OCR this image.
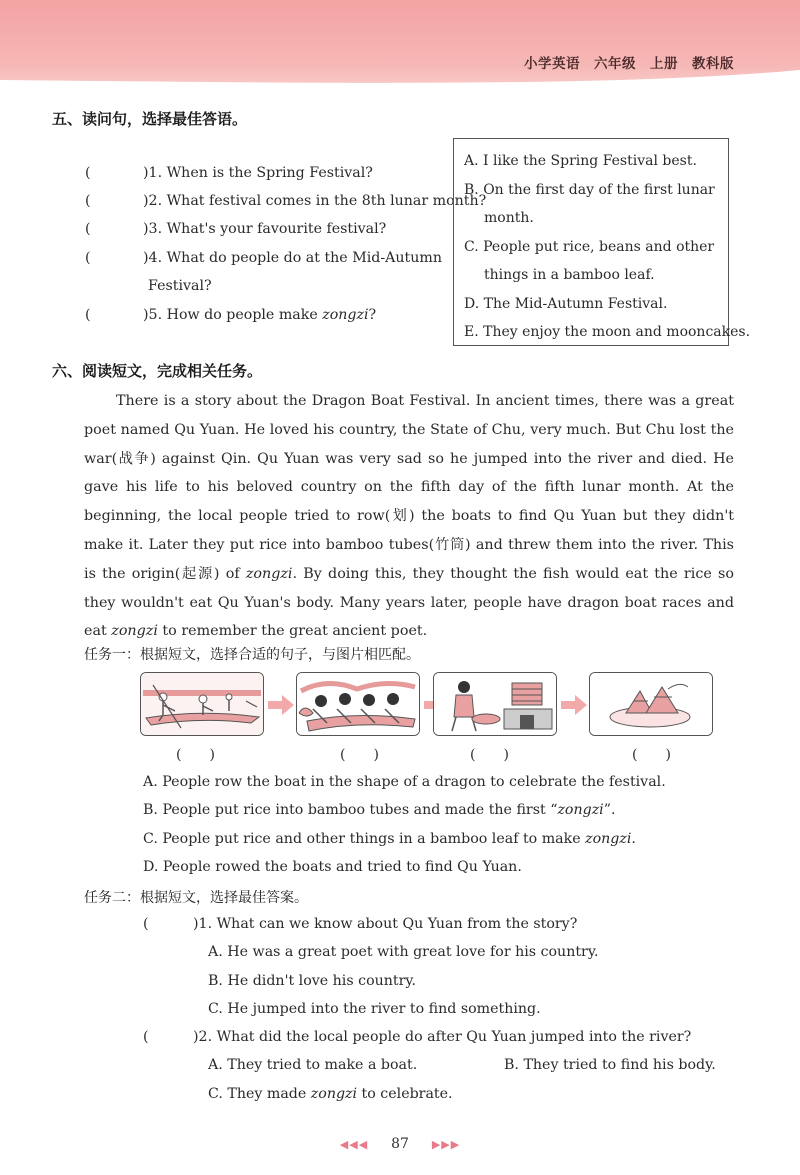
小学英语　六年级　上册　教科版
五、读问句，选择最佳答语。
(	)1. When is the Spring Festival?
(	)2. What festival comes in the 8th lunar month?
(	)3. What's your favourite festival?
(	)4. What do people do at the Mid-Autumn
Festival?
(	)5. How do people make zongzi?
A. I like the Spring Festival best.
B. On the first day of the first lunar
month.
C. People put rice, beans and other
things in a bamboo leaf.
D. The Mid-Autumn Festival.
E. They enjoy the moon and mooncakes.
六、阅读短文，完成相关任务。

There is a story about the Dragon Boat Festival. In ancient times, there was a great poet named Qu Yuan. He loved his country, the State of Chu, very much. But Chu lost the war(战争) against Qin. Qu Yuan was very sad so he jumped into the river and died. He gave his life to his beloved country on the fifth day of the fifth lunar month. At the beginning, the local people tried to row(划) the boats to find Qu Yuan but they didn't make it. Later they put rice into bamboo tubes(竹筒) and threw them into the river. This is the origin(起源) of zongzi. By doing this, they thought the fish would eat the rice so they wouldn't eat Qu Yuan's body. Many years later, people have dragon boat races and eat zongzi to remember the great ancient poet.

任务一：根据短文，选择合适的句子，与图片相匹配。
(　　)	(　　)	(　　)	(　　)
A. People row the boat in the shape of a dragon to celebrate the festival.
B. People put rice into bamboo tubes and made the first “zongzi”.
C. People put rice and other things in a bamboo leaf to make zongzi.
D. People rowed the boats and tried to find Qu Yuan.
任务二：根据短文，选择最佳答案。
(	)1. What can we know about Qu Yuan from the story?
A. He was a great poet with great love for his country.
B. He didn't love his country.
C. He jumped into the river to find something.
(	)2. What did the local people do after Qu Yuan jumped into the river?
A. They tried to make a boat.	B. They tried to find his body.
C. They made zongzi to celebrate.
◀◀◀ 87 ▶▶▶
